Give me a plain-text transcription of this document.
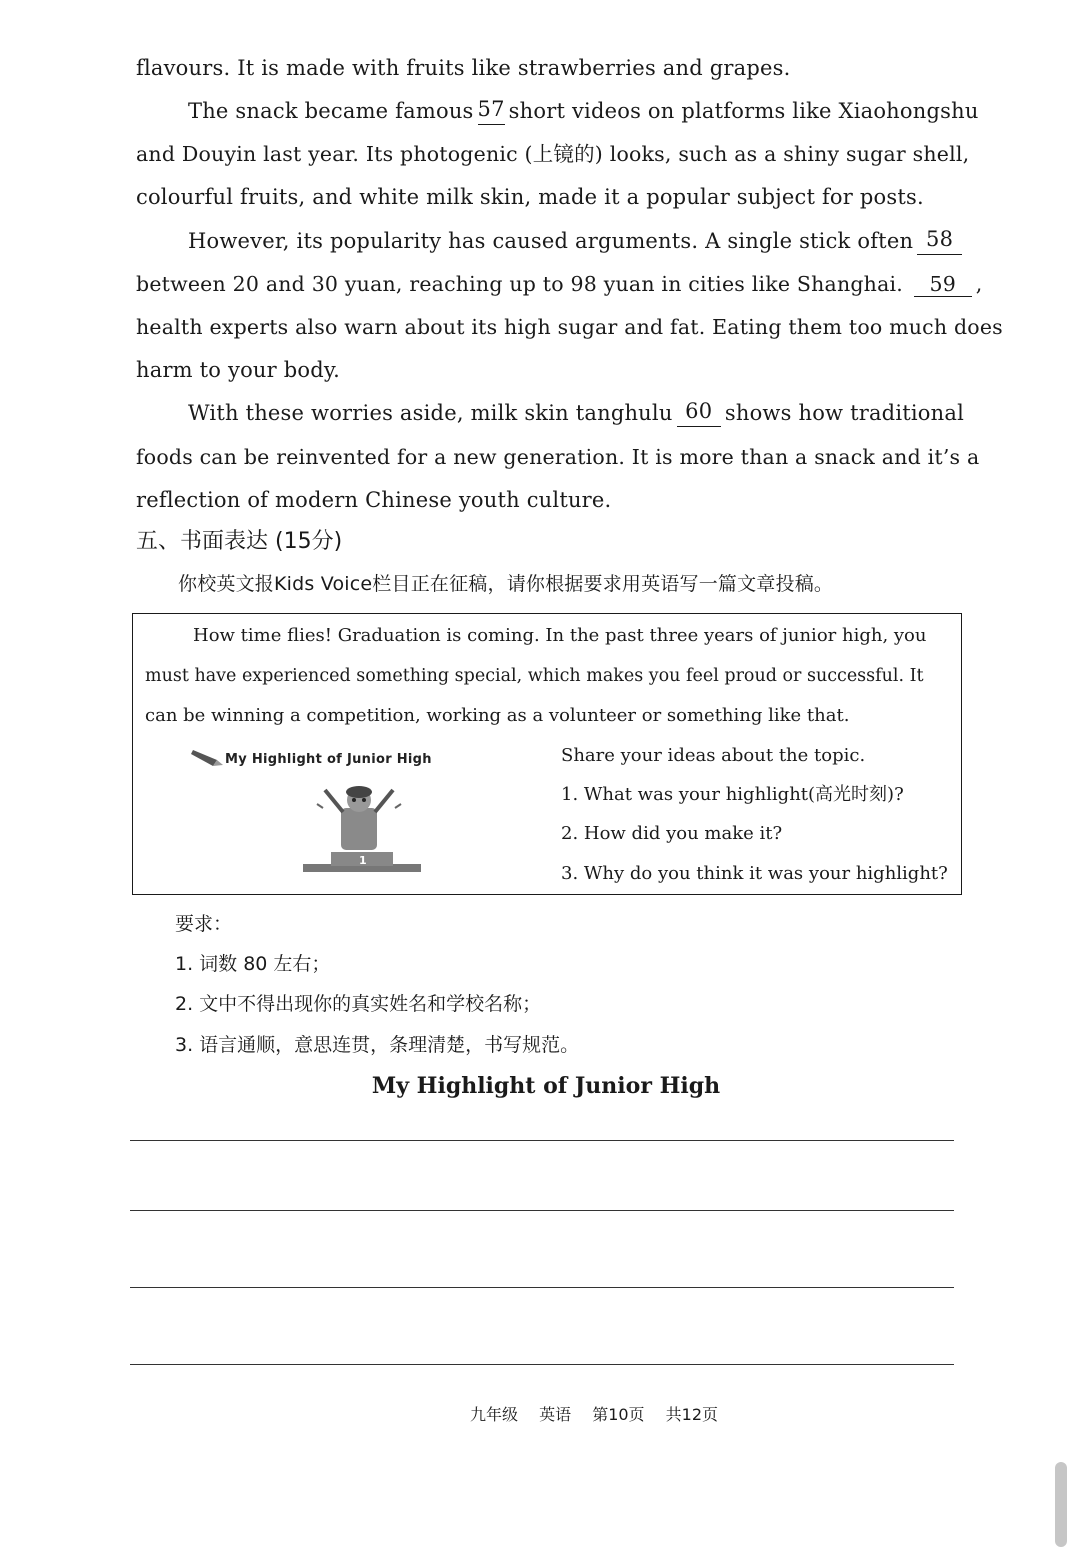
flavours. It is made with fruits like strawberries and grapes.
The snack became famous 57 short videos on platforms like Xiaohongshu
and Douyin last year. Its photogenic (上镜的) looks, such as a shiny sugar shell,
colourful fruits, and white milk skin, made it a popular subject for posts.
However, its popularity has caused arguments. A single stick often 58
between 20 and 30 yuan, reaching up to 98 yuan in cities like Shanghai. 59 ,
health experts also warn about its high sugar and fat. Eating them too much does
harm to your body.
With these worries aside, milk skin tanghulu 60 shows how traditional
foods can be reinvented for a new generation. It is more than a snack and it’s a
reflection of modern Chinese youth culture.
五、书面表达 (15分)
你校英文报Kids Voice栏目正在征稿，请你根据要求用英语写一篇文章投稿。
How time flies! Graduation is coming. In the past three years of junior high, you
must have experienced something special, which makes you feel proud or successful. It
can be winning a competition, working as a volunteer or something like that.
My Highlight of Junior High
1
Share your ideas about the topic.
1. What was your highlight(高光时刻)?
2. How did you make it?
3. Why do you think it was your highlight?
要求：
1. 词数 80 左右；
2. 文中不得出现你的真实姓名和学校名称；
3. 语言通顺，意思连贯，条理清楚，书写规范。
My Highlight of Junior High
九年级 英语 第10页 共12页
